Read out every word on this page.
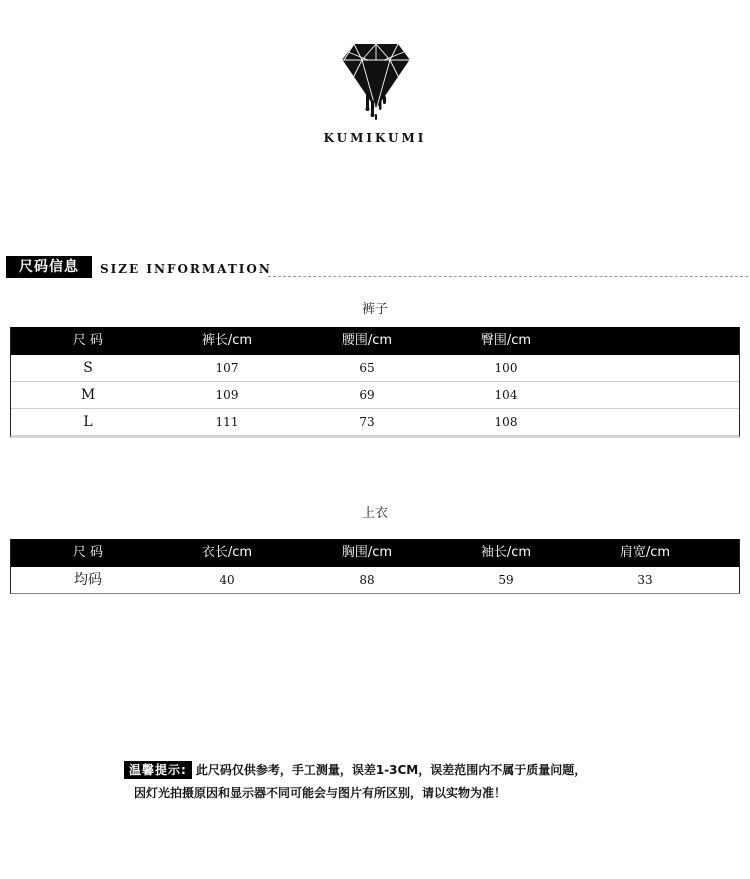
KUMIKUMI
尺码信息	SIZE INFORMATION
裤子
尺 码	裤长/cm	腰围/cm	臀围/cm
S	107	65	100
M	109	69	104
L	111	73	108
上衣
尺 码	衣长/cm	胸围/cm	袖长/cm	肩宽/cm
均码	40	88	59	33
温馨提示: 此尺码仅供参考，手工测量，误差1-3CM，误差范围内不属于质量问题，
因灯光拍摄原因和显示器不同可能会与图片有所区别，请以实物为准！
